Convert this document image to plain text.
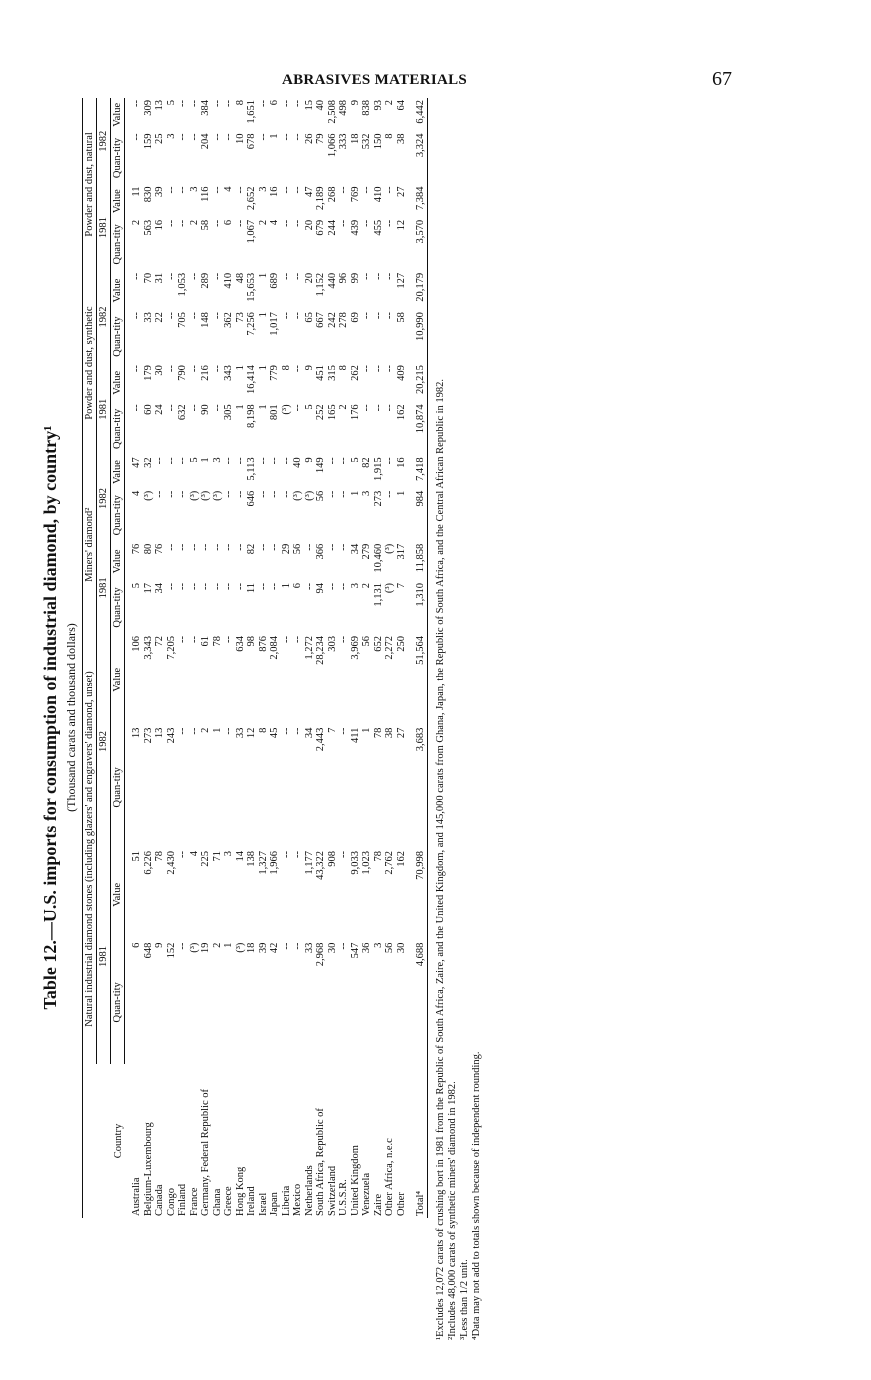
ABRASIVES MATERIALS	67
Table 12.—U.S. imports for consumption of industrial diamond, by country¹ (Thousand carats and thousand dollars)
Country	Natural industrial diamond stones (including glazers' and engravers' diamond, unset)				Miners' diamond²				Powder and dust, synthetic				Powder and dust, natural			
	1981		1982		1981		1982		1981		1982		1981		1982	
	Quan-tity	Value	Quan-tity	Value	Quan-tity	Value	Quan-tity	Value	Quan-tity	Value	Quan-tity	Value	Quan-tity	Value	Quan-tity	Value
Australia	6	51	13	106	5	76	4	47	--	--	--	--	2	11	--	--
Belgium-Luxembourg	648	6,226	273	3,343	17	80	(³)	32	60	179	33	70	563	830	159	309
Canada	9	78	13	72	34	76	--	--	24	30	22	31	16	39	25	13
Congo	152	2,430	243	7,205	--	--	--	--	--	--	--	--	--	--	3	5
Finland	--	--	--	--	--	--	--	--	632	790	705	1,053	--	--	--	--
France	(³)	4	--	--	--	--	(³)	5	--	--	--	--	2	3	--	--
Germany, Federal Republic of	19	225	2	61	--	--	(³)	1	90	216	148	289	58	116	204	384
Ghana	2	71	1	78	--	--	(³)	3	--	--	--	--	--	--	--	--
Greece	1	3	--	--	--	--	--	--	305	343	362	410	6	4	--	--
Hong Kong	(³)	14	33	634	--	--	--	--	1	1	73	48	--	--	10	8
Ireland	18	138	12	98	11	82	646	5,113	8,198	16,414	7,256	15,653	1,067	2,652	678	1,651
Israel	39	1,327	8	876	--	--	--	--	1	1	1	1	2	3	--	--
Japan	42	1,966	45	2,084	--	--	--	--	801	779	1,017	689	4	16	1	6
Liberia	--	--	--	--	1	29	--	--	(³)	8	--	--	--	--	--	--
Mexico	--	--	--	--	6	56	(³)	40	--	--	--	--	--	--	--	--
Netherlands	33	1,177	34	1,272	--	--	(³)	9	5	9	65	20	20	47	26	15
South Africa, Republic of	2,968	43,322	2,443	28,234	94	366	56	149	252	451	667	1,152	679	2,189	79	40
Switzerland	30	908	7	303	--	--	--	--	165	315	242	440	244	268	1,066	2,508
U.S.S.R.	--	--	--	--	--	--	--	--	2	8	278	96	--	--	333	498
United Kingdom	547	9,033	411	3,969	3	34	1	5	176	262	69	99	439	769	18	9
Venezuela	36	1,023	1	56	2	279	3	82	--	--	--	--	--	--	532	838
Zaire	3	78	78	652	1,131	10,460	273	1,915	--	--	--	--	455	410	150	93
Other Africa, n.e.c	56	2,762	38	2,272	(³)	(³)	--	--	--	--	--	--	--	--	8	2
Other	30	162	27	250	7	317	1	16	162	409	58	127	12	27	38	64
Total⁴	4,688	70,998	3,683	51,564	1,310	11,858	984	7,418	10,874	20,215	10,990	20,179	3,570	7,384	3,324	6,442
¹Excludes 12,072 carats of crushing bort in 1981 from the Republic of South Africa, Zaire, and the United Kingdom, and 145,000 carats from Ghana, Japan, the Republic of South Africa, and the Central African Republic in 1982. ²Includes 48,000 carats of synthetic miners' diamond in 1982. ³Less than 1/2 unit. ⁴Data may not add to totals shown because of independent rounding.
